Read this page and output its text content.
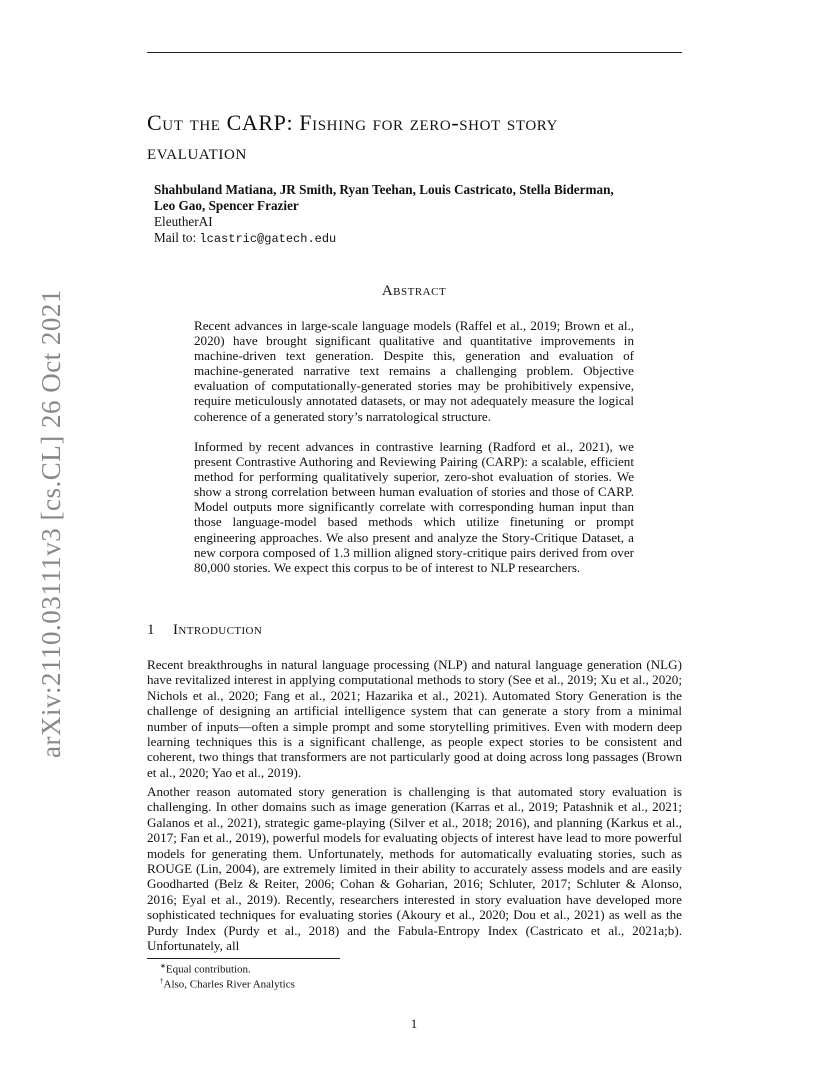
arXiv:2110.03111v3 [cs.CL] 26 Oct 2021
Cut the CARP: Fishing for zero-shot story
evaluation
Shahbuland Matiana, JR Smith, Ryan Teehan, Louis Castricato, Stella Biderman,
Leo Gao, Spencer Frazier
EleutherAI
Mail to: lcastric@gatech.edu
Abstract
Recent advances in large-scale language models (Raffel et al., 2019; Brown et al., 2020) have brought significant qualitative and quantitative improvements in machine-driven text generation. Despite this, generation and evaluation of machine-generated narrative text remains a challenging problem. Objective evaluation of computationally-generated stories may be prohibitively expensive, require meticulously annotated datasets, or may not adequately measure the logical coherence of a generated story’s narratological structure.
Informed by recent advances in contrastive learning (Radford et al., 2021), we present Contrastive Authoring and Reviewing Pairing (CARP): a scalable, efficient method for performing qualitatively superior, zero-shot evaluation of stories. We show a strong correlation between human evaluation of stories and those of CARP. Model outputs more significantly correlate with corresponding human input than those language-model based methods which utilize finetuning or prompt engineering approaches. We also present and analyze the Story-Critique Dataset, a new corpora composed of 1.3 million aligned story-critique pairs derived from over 80,000 stories. We expect this corpus to be of interest to NLP researchers.
1 Introduction
Recent breakthroughs in natural language processing (NLP) and natural language generation (NLG) have revitalized interest in applying computational methods to story (See et al., 2019; Xu et al., 2020; Nichols et al., 2020; Fang et al., 2021; Hazarika et al., 2021). Automated Story Generation is the challenge of designing an artificial intelligence system that can generate a story from a minimal number of inputs—often a simple prompt and some storytelling primitives. Even with modern deep learning techniques this is a significant challenge, as people expect stories to be consistent and coherent, two things that transformers are not particularly good at doing across long passages (Brown et al., 2020; Yao et al., 2019).
Another reason automated story generation is challenging is that automated story evaluation is challenging. In other domains such as image generation (Karras et al., 2019; Patashnik et al., 2021; Galanos et al., 2021), strategic game-playing (Silver et al., 2018; 2016), and planning (Karkus et al., 2017; Fan et al., 2019), powerful models for evaluating objects of interest have lead to more powerful models for generating them. Unfortunately, methods for automatically evaluating stories, such as ROUGE (Lin, 2004), are extremely limited in their ability to accurately assess models and are easily Goodharted (Belz & Reiter, 2006; Cohan & Goharian, 2016; Schluter, 2017; Schluter & Alonso, 2016; Eyal et al., 2019). Recently, researchers interested in story evaluation have developed more sophisticated techniques for evaluating stories (Akoury et al., 2020; Dou et al., 2021) as well as the Purdy Index (Purdy et al., 2018) and the Fabula-Entropy Index (Castricato et al., 2021a;b). Unfortunately, all
∗Equal contribution.
†Also, Charles River Analytics
1
